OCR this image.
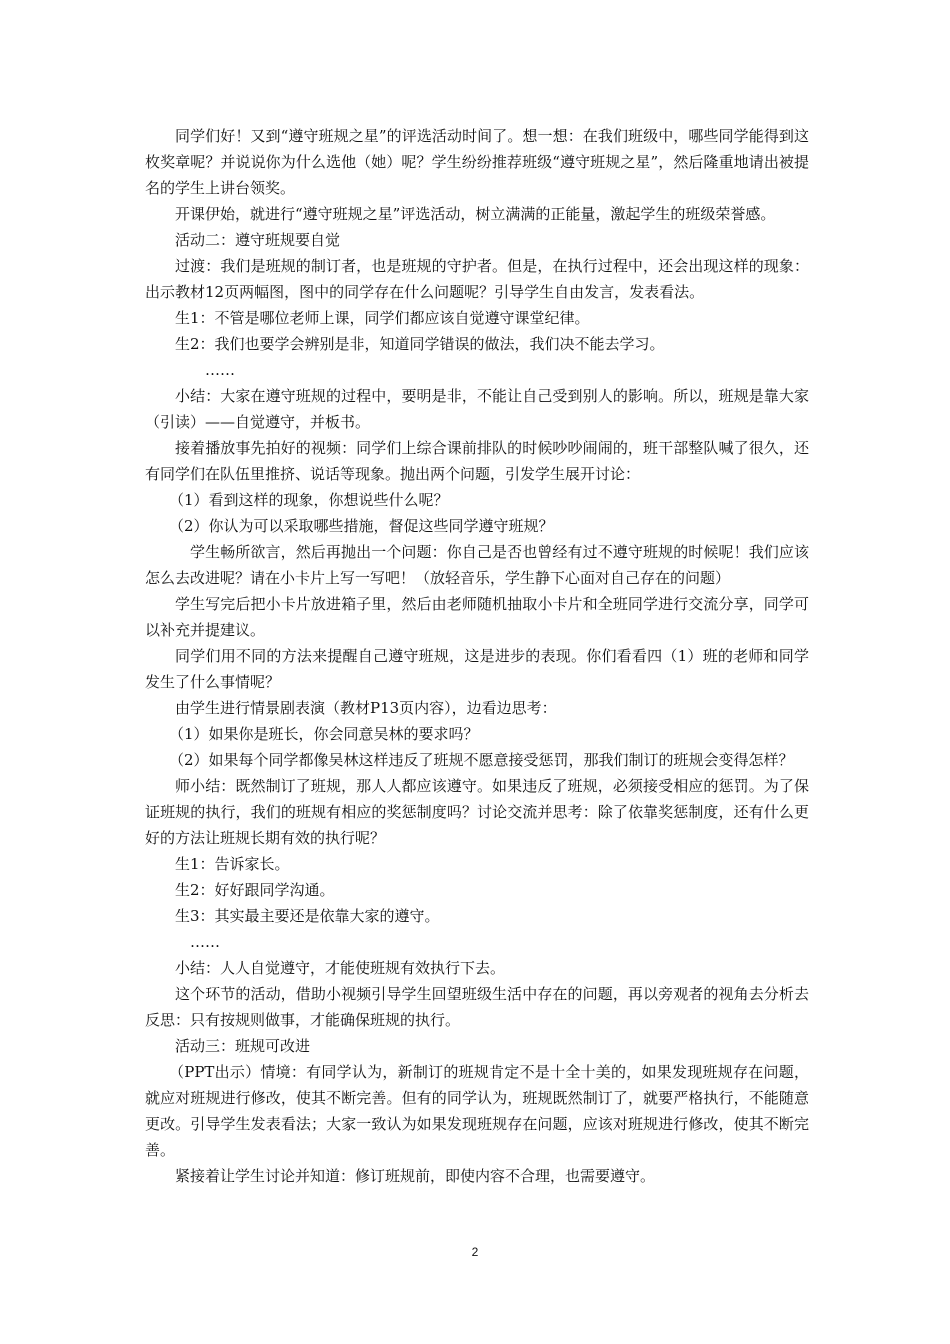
同学们好！又到“遵守班规之星”的评选活动时间了。想一想：在我们班级中，哪些同学能得到这枚奖章呢？并说说你为什么选他（她）呢？学生纷纷推荐班级“遵守班规之星”，然后隆重地请出被提名的学生上讲台领奖。

开课伊始，就进行“遵守班规之星”评选活动，树立满满的正能量，激起学生的班级荣誉感。

活动二：遵守班规要自觉

过渡：我们是班规的制订者，也是班规的守护者。但是，在执行过程中，还会出现这样的现象：出示教材12页两幅图，图中的同学存在什么问题呢？引导学生自由发言，发表看法。

生1：不管是哪位老师上课，同学们都应该自觉遵守课堂纪律。

生2：我们也要学会辨别是非，知道同学错误的做法，我们决不能去学习。

……

小结：大家在遵守班规的过程中，要明是非，不能让自己受到别人的影响。所以，班规是靠大家（引读）——自觉遵守，并板书。

接着播放事先拍好的视频：同学们上综合课前排队的时候吵吵闹闹的，班干部整队喊了很久，还有同学们在队伍里推挤、说话等现象。抛出两个问题，引发学生展开讨论：

（1）看到这样的现象，你想说些什么呢？

（2）你认为可以采取哪些措施，督促这些同学遵守班规？

学生畅所欲言，然后再抛出一个问题：你自己是否也曾经有过不遵守班规的时候呢！我们应该怎么去改进呢？请在小卡片上写一写吧！（放轻音乐，学生静下心面对自己存在的问题）

学生写完后把小卡片放进箱子里，然后由老师随机抽取小卡片和全班同学进行交流分享，同学可以补充并提建议。

同学们用不同的方法来提醒自己遵守班规，这是进步的表现。你们看看四（1）班的老师和同学发生了什么事情呢？

由学生进行情景剧表演（教材P13页内容），边看边思考：

（1）如果你是班长，你会同意吴林的要求吗？

（2）如果每个同学都像吴林这样违反了班规不愿意接受惩罚，那我们制订的班规会变得怎样？

师小结：既然制订了班规，那人人都应该遵守。如果违反了班规，必须接受相应的惩罚。为了保证班规的执行，我们的班规有相应的奖惩制度吗？讨论交流并思考：除了依靠奖惩制度，还有什么更好的方法让班规长期有效的执行呢？

生1：告诉家长。

生2：好好跟同学沟通。

生3：其实最主要还是依靠大家的遵守。

……

小结：人人自觉遵守，才能使班规有效执行下去。

这个环节的活动，借助小视频引导学生回望班级生活中存在的问题，再以旁观者的视角去分析去反思：只有按规则做事，才能确保班规的执行。

活动三：班规可改进

（PPT出示）情境：有同学认为，新制订的班规肯定不是十全十美的，如果发现班规存在问题，就应对班规进行修改，使其不断完善。但有的同学认为，班规既然制订了，就要严格执行，不能随意更改。引导学生发表看法；大家一致认为如果发现班规存在问题，应该对班规进行修改，使其不断完善。

紧接着让学生讨论并知道：修订班规前，即使内容不合理，也需要遵守。

2
